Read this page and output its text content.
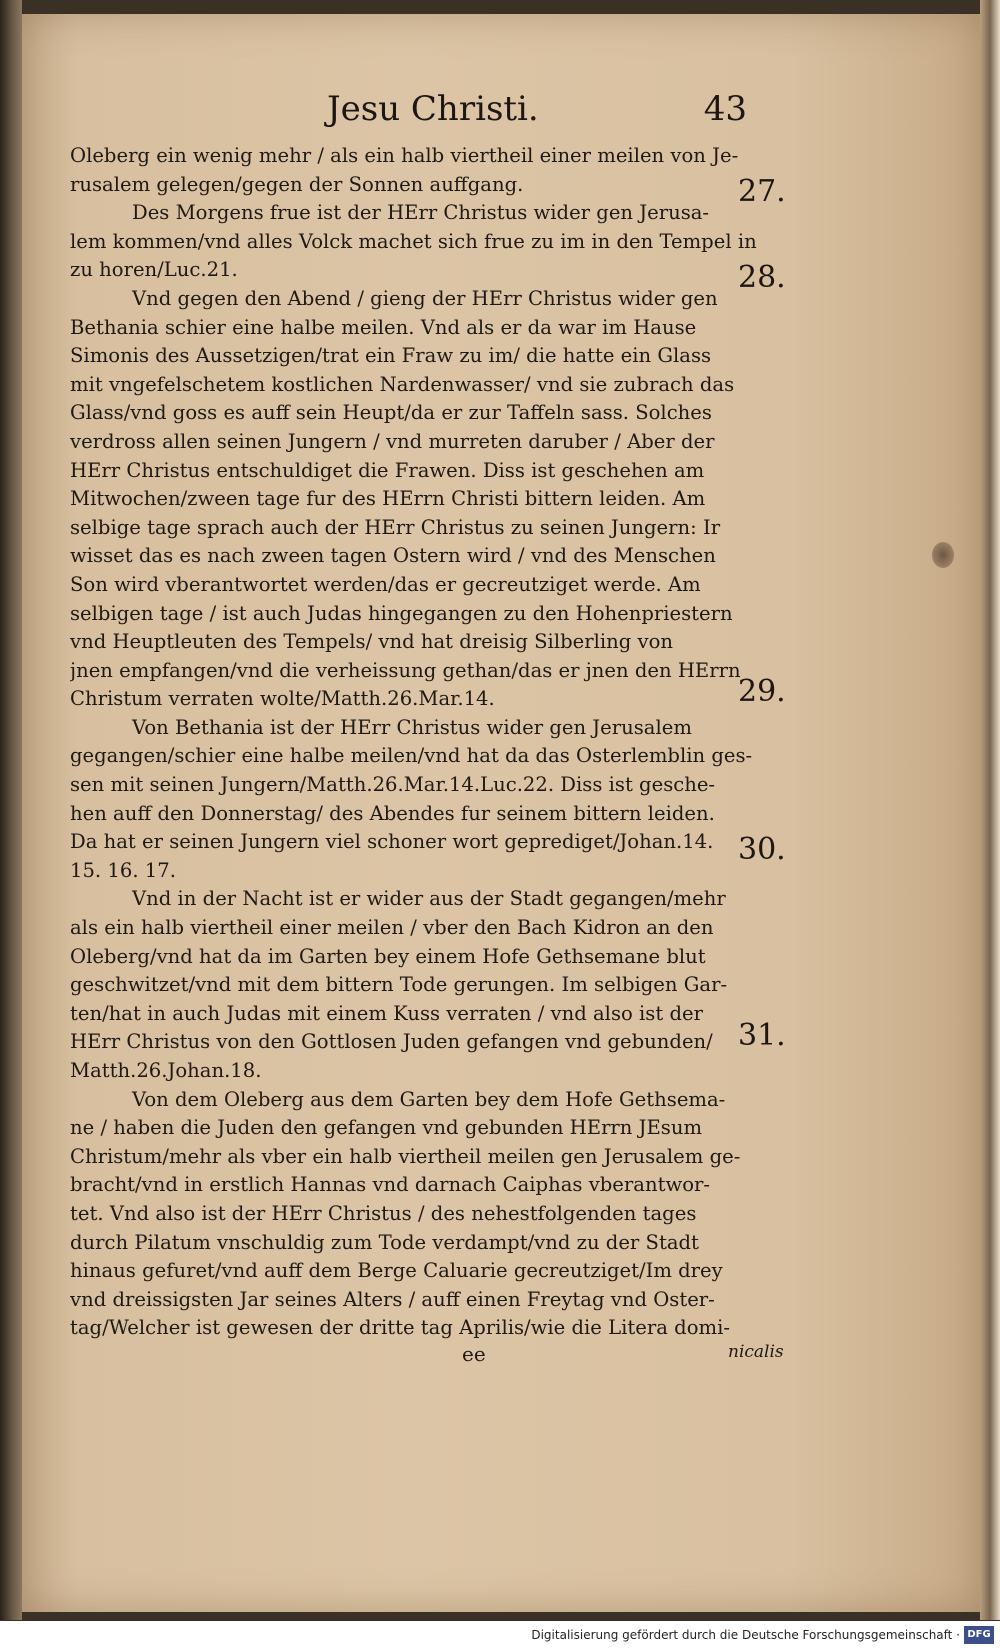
Jesu Christi.	43
Oleberg ein wenig mehr / als ein halb viertheil einer meilen von Je-
rusalem gelegen/gegen der Sonnen auffgang.
Des Morgens frue ist der HErr Christus wider gen Jerusa-
lem kommen/vnd alles Volck machet sich frue zu im in den Tempel in
zu horen/Luc.21.
Vnd gegen den Abend / gieng der HErr Christus wider gen
Bethania schier eine halbe meilen. Vnd als er da war im Hause
Simonis des Aussetzigen/trat ein Fraw zu im/ die hatte ein Glass
mit vngefelschetem kostlichen Nardenwasser/ vnd sie zubrach das
Glass/vnd goss es auff sein Heupt/da er zur Taffeln sass. Solches
verdross allen seinen Jungern / vnd murreten daruber / Aber der
HErr Christus entschuldiget die Frawen. Diss ist geschehen am
Mitwochen/zween tage fur des HErrn Christi bittern leiden. Am
selbige tage sprach auch der HErr Christus zu seinen Jungern: Ir
wisset das es nach zween tagen Ostern wird / vnd des Menschen
Son wird vberantwortet werden/das er gecreutziget werde. Am
selbigen tage / ist auch Judas hingegangen zu den Hohenpriestern
vnd Heuptleuten des Tempels/ vnd hat dreisig Silberling von
jnen empfangen/vnd die verheissung gethan/das er jnen den HErrn
Christum verraten wolte/Matth.26.Mar.14.
Von Bethania ist der HErr Christus wider gen Jerusalem
gegangen/schier eine halbe meilen/vnd hat da das Osterlemblin ges-
sen mit seinen Jungern/Matth.26.Mar.14.Luc.22. Diss ist gesche-
hen auff den Donnerstag/ des Abendes fur seinem bittern leiden.
Da hat er seinen Jungern viel schoner wort geprediget/Johan.14.
15. 16. 17.
Vnd in der Nacht ist er wider aus der Stadt gegangen/mehr
als ein halb viertheil einer meilen / vber den Bach Kidron an den
Oleberg/vnd hat da im Garten bey einem Hofe Gethsemane blut
geschwitzet/vnd mit dem bittern Tode gerungen. Im selbigen Gar-
ten/hat in auch Judas mit einem Kuss verraten / vnd also ist der
HErr Christus von den Gottlosen Juden gefangen vnd gebunden/
Matth.26.Johan.18.
Von dem Oleberg aus dem Garten bey dem Hofe Gethsema-
ne / haben die Juden den gefangen vnd gebunden HErrn JEsum
Christum/mehr als vber ein halb viertheil meilen gen Jerusalem ge-
bracht/vnd in erstlich Hannas vnd darnach Caiphas vberantwor-
tet. Vnd also ist der HErr Christus / des nehestfolgenden tages
durch Pilatum vnschuldig zum Tode verdampt/vnd zu der Stadt
hinaus gefuret/vnd auff dem Berge Caluarie gecreutziget/Im drey
vnd dreissigsten Jar seines Alters / auff einen Freytag vnd Oster-
tag/Welcher ist gewesen der dritte tag Aprilis/wie die Litera domi-
27.
28.
29.
30.
31.
ee	nicalis
Digitalisierung gefördert durch die Deutsche Forschungsgemeinschaft · DFG
